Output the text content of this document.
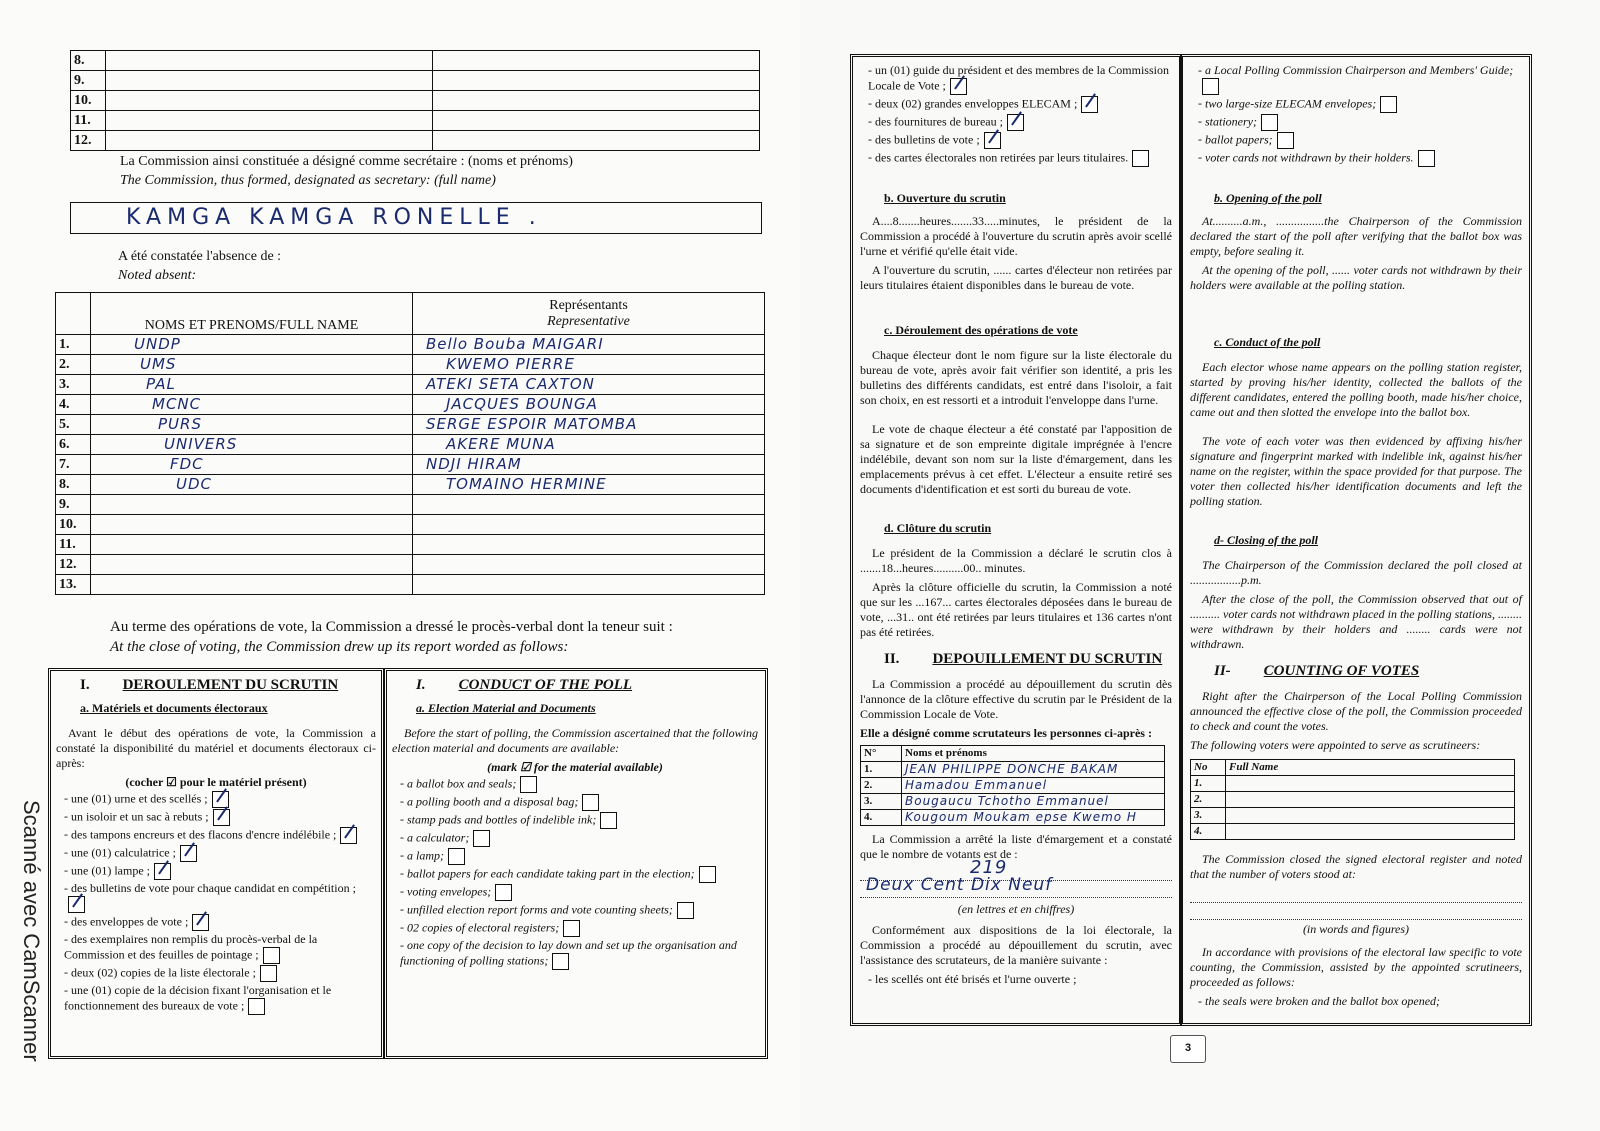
Scanné avec CamScanner
8.		
9.		
10.		
11.		
12.		
La Commission ainsi constituée a désigné comme secrétaire : (noms et prénoms)
The Commission, thus formed, designated as secretary: (full name)
KAMGA KAMGA RONELLE .
A été constatée l'absence de :
Noted absent:
	NOMS ET PRENOMS/FULL NAME	Représentants
Representative

1.	UNDP	Bello Bouba MAIGARI
2.	UMS	KWEMO PIERRE
3.	PAL	ATEKI SETA CAXTON
4.	MCNC	JACQUES BOUNGA
5.	PURS	SERGE ESPOIR MATOMBA
6.	UNIVERS	AKERE MUNA
7.	FDC	NDJI HIRAM
8.	UDC	TOMAINO HERMINE
9.		
10.		
11.		
12.		
13.		
Au terme des opérations de vote, la Commission a dressé le procès-verbal dont la teneur suit :
At the close of voting, the Commission drew up its report worded as follows:
I. DEROULEMENT DU SCRUTIN
a. Matériels et documents électoraux

Avant le début des opérations de vote, la Commission a constaté la disponibilité du matériel et documents électoraux ci-après:

(cocher ☑ pour le matériel présent)
- une (01) urne et des scellés ;
- un isoloir et un sac à rebuts ;
- des tampons encreurs et des flacons d'encre indélébile ;
- une (01) calculatrice ;
- une (01) lampe ;
- des bulletins de vote pour chaque candidat en compétition ;
- des enveloppes de vote ;
- des exemplaires non remplis du procès-verbal de la Commission et des feuilles de pointage ;
- deux (02) copies de la liste électorale ;
- une (01) copie de la décision fixant l'organisation et le fonctionnement des bureaux de vote ;
I. CONDUCT OF THE POLL
a. Election Material and Documents

Before the start of polling, the Commission ascertained that the following election material and documents are available:

(mark ☑ for the material available)
- a ballot box and seals;
- a polling booth and a disposal bag;
- stamp pads and bottles of indelible ink;
- a calculator;
- a lamp;
- ballot papers for each candidate taking part in the election;
- voting envelopes;
- unfilled election report forms and vote counting sheets;
- 02 copies of electoral registers;
- one copy of the decision to lay down and set up the organisation and functioning of polling stations;
- un (01) guide du président et des membres de la Commission Locale de Vote ;
- deux (02) grandes enveloppes ELECAM ;
- des fournitures de bureau ;
- des bulletins de vote ;
- des cartes électorales non retirées par leurs titulaires.
b. Ouverture du scrutin

A....8.......heures.......33.....minutes, le président de la Commission a procédé à l'ouverture du scrutin après avoir scellé l'urne et vérifié qu'elle était vide.

A l'ouverture du scrutin, ...... cartes d'électeur non retirées par leurs titulaires étaient disponibles dans le bureau de vote.

c. Déroulement des opérations de vote

Chaque électeur dont le nom figure sur la liste électorale du bureau de vote, après avoir fait vérifier son identité, a pris les bulletins des différents candidats, est entré dans l'isoloir, a fait son choix, en est ressorti et a introduit l'enveloppe dans l'urne.

Le vote de chaque électeur a été constaté par l'apposition de sa signature et de son empreinte digitale imprégnée à l'encre indélébile, devant son nom sur la liste d'émargement, dans les emplacements prévus à cet effet. L'électeur a ensuite retiré ses documents d'identification et est sorti du bureau de vote.

d. Clôture du scrutin

Le président de la Commission a déclaré le scrutin clos à .......18...heures..........00.. minutes.

Après la clôture officielle du scrutin, la Commission a noté que sur les ...167... cartes électorales déposées dans le bureau de vote, ...31.. ont été retirées par leurs titulaires et 136 cartes n'ont pas été retirées.

II. DEPOUILLEMENT DU SCRUTIN

La Commission a procédé au dépouillement du scrutin dès l'annonce de la clôture effective du scrutin par le Président de la Commission Locale de Vote.

Elle a désigné comme scrutateurs les personnes ci-après :
N°	Noms et prénoms
1.	JEAN PHILIPPE DONCHE BAKAM
2.	Hamadou Emmanuel
3.	Bougaucu Tchotho Emmanuel
4.	Kougoum Moukam epse Kwemo H

La Commission a arrêté la liste d'émargement et a constaté que le nombre de votants est de :

219
Deux Cent Dix Neuf
(en lettres et en chiffres)

Conformément aux dispositions de la loi électorale, la Commission a procédé au dépouillement du scrutin, avec l'assistance des scrutateurs, de la manière suivante :

- les scellés ont été brisés et l'urne ouverte ;
- a Local Polling Commission Chairperson and Members' Guide;
- two large-size ELECAM envelopes;
- stationery;
- ballot papers;
- voter cards not withdrawn by their holders.
b. Opening of the poll

At..........a.m., ................the Chairperson of the Commission declared the start of the poll after verifying that the ballot box was empty, before sealing it.

At the opening of the poll, ...... voter cards not withdrawn by their holders were available at the polling station.

c. Conduct of the poll

Each elector whose name appears on the polling station register, started by proving his/her identity, collected the ballots of the different candidates, entered the polling booth, made his/her choice, came out and then slotted the envelope into the ballot box.

The vote of each voter was then evidenced by affixing his/her signature and fingerprint marked with indelible ink, against his/her name on the register, within the space provided for that purpose. The voter then collected his/her identification documents and left the polling station.

d- Closing of the poll

The Chairperson of the Commission declared the poll closed at .................p.m.

After the close of the poll, the Commission observed that out of .......... voter cards not withdrawn placed in the polling stations, ........ were withdrawn by their holders and ........ cards were not withdrawn.

II- COUNTING OF VOTES

Right after the Chairperson of the Local Polling Commission announced the effective close of the poll, the Commission proceeded to check and count the votes.

The following voters were appointed to serve as scrutineers:
No	Full Name
1.	
2.	
3.	
4.	

The Commission closed the signed electoral register and noted that the number of voters stood at:

(in words and figures)

In accordance with provisions of the electoral law specific to vote counting, the Commission, assisted by the appointed scrutineers, proceeded as follows:

- the seals were broken and the ballot box opened;
3
